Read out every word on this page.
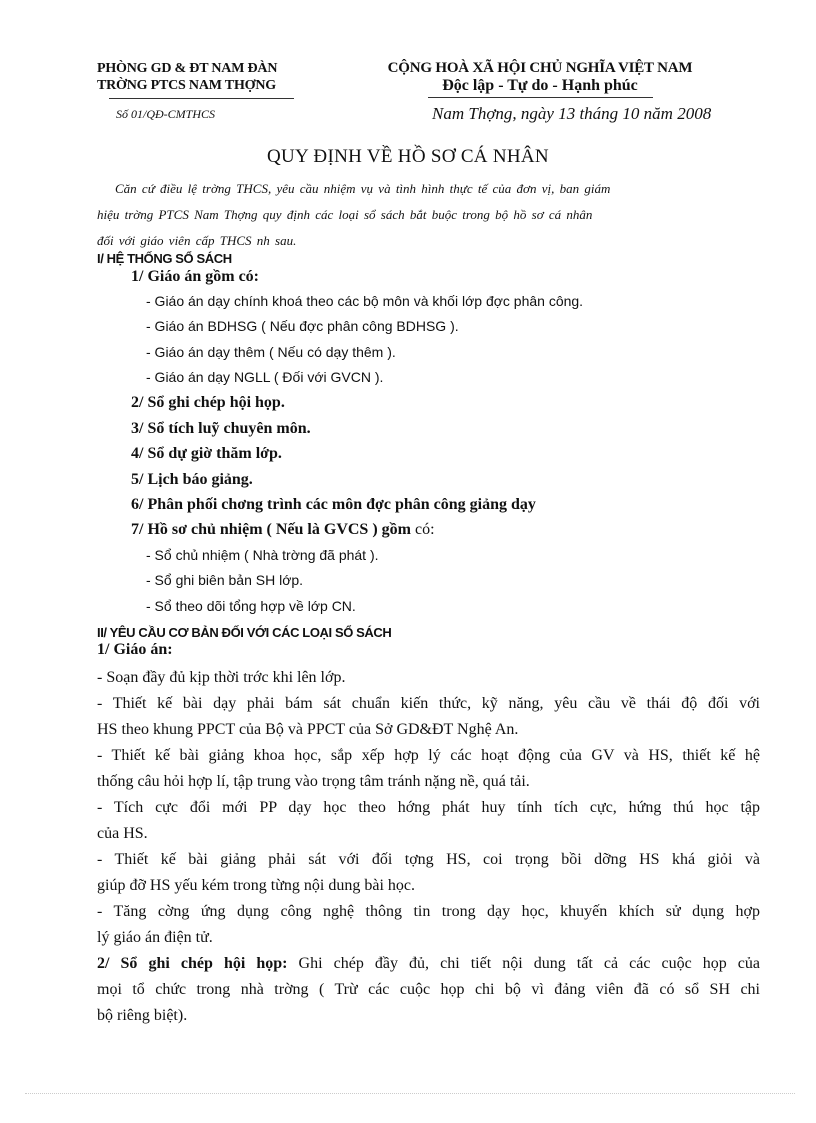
PHÒNG GD & ĐT NAM ĐÀN
TRỜNG PTCS NAM THỢNG
CỘNG HOÀ XÃ HỘI CHỦ NGHĨA VIỆT NAM
Độc lập - Tự do - Hạnh phúc
Số 01/QĐ-CMTHCS	Nam Thợng, ngày 13 tháng 10 năm 2008
QUY ĐỊNH VỀ HỒ SƠ CÁ NHÂN
Căn cứ điều lệ trờng THCS, yêu cầu nhiệm vụ và tình hình thực tế của đơn vị, ban giám
hiệu trờng PTCS Nam Thợng quy định các loại sổ sách bắt buộc trong bộ hồ sơ cá nhân
đối với giáo viên cấp THCS nh sau.
I/ HỆ THỐNG SỔ SÁCH
1/ Giáo án gồm có:
- Giáo án dạy chính khoá theo các bộ môn và khối lớp đợc phân công.
- Giáo án BDHSG ( Nếu đợc phân công BDHSG ).
- Giáo án dạy thêm ( Nếu có dạy thêm ).
- Giáo án dạy NGLL ( Đối với GVCN ).
2/ Sổ ghi chép hội họp.
3/ Sổ tích luỹ chuyên môn.
4/ Sổ dự giờ thăm lớp.
5/ Lịch báo giảng.
6/ Phân phối chơng trình các môn đợc phân công giảng dạy
7/ Hồ sơ chủ nhiệm ( Nếu là GVCS ) gồm có:
- Sổ chủ nhiệm ( Nhà trờng đã phát ).
- Sổ ghi biên bản SH lớp.
- Sổ theo dõi tổng hợp về lớp CN.
II/ YÊU CẦU CƠ BẢN ĐỐI VỚI CÁC LOẠI SỔ SÁCH
1/ Giáo án:
- Soạn đầy đủ kịp thời trớc khi lên lớp.
- Thiết kế bài dạy phải bám sát chuẩn kiến thức, kỹ năng, yêu cầu về thái độ đối với
HS theo khung PPCT của Bộ và PPCT của Sở GD&ĐT Nghệ An.
- Thiết kế bài giảng khoa học, sắp xếp hợp lý các hoạt động của GV và HS, thiết kế hệ
thống câu hỏi hợp lí, tập trung vào trọng tâm tránh nặng nề, quá tải.
- Tích cực đổi mới PP dạy học theo hớng phát huy tính tích cực, hứng thú học tập
của HS.
- Thiết kế bài giảng phải sát với đối tợng HS, coi trọng bồi dỡng HS khá giỏi và
giúp đỡ HS yếu kém trong từng nội dung bài học.
- Tăng cờng ứng dụng công nghệ thông tin trong dạy học, khuyến khích sử dụng hợp
lý giáo án điện tử.
2/ Sổ ghi chép hội họp: Ghi chép đầy đủ, chi tiết nội dung tất cả các cuộc họp của
mọi tổ chức trong nhà trờng ( Trừ các cuộc họp chi bộ vì đảng viên đã có sổ SH chi
bộ riêng biệt).
